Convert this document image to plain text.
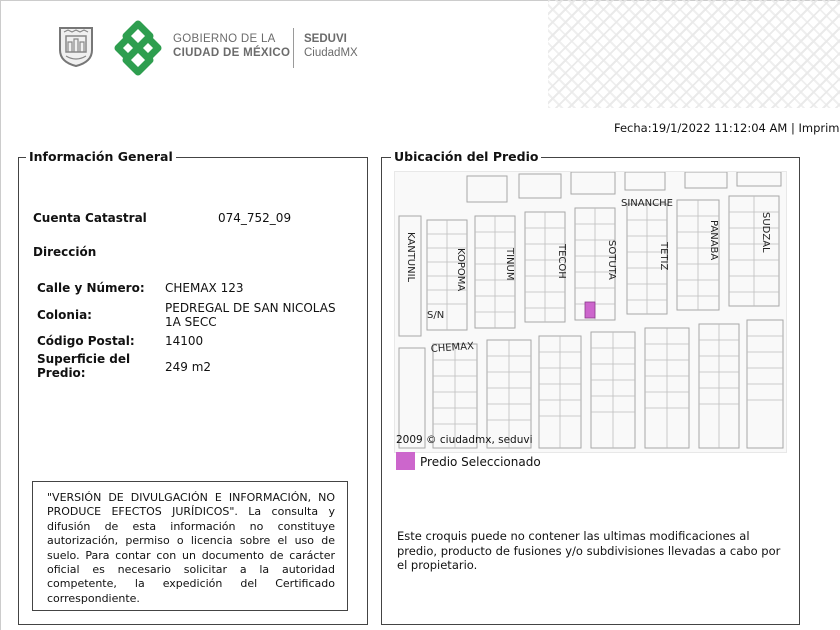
GOBIERNO DE LA
CIUDAD DE MÉXICO
SEDUVI
CiudadMX
Fecha:19/1/2022 11:12:04 AM | Imprim
Información General
Cuenta Catastral	074_752_09
Dirección
Calle y Número: CHEMAX 123
Colonia:	PEDREGAL DE SAN NICOLAS
1A SECC
Código Postal:	14100
Superficie del
Predio:	249 m2
"VERSIÓN DE DIVULGACIÓN E INFORMACIÓN, NO PRODUCE EFECTOS JURÍDICOS". La consulta y difusión de esta información no constituye autorización, permiso o licencia sobre el uso de suelo. Para contar con un documento de carácter oficial es necesario solicitar a la autoridad competente, la expedición del Certificado correspondiente.
Ubicación del Predio
SINANCHE
KANTUNIL	KOPOMA	TINUM	TECOH	SOTUTA	TETIZ	PANABA	SUDZAL
S/N
CHEMAX
2009 © ciudadmx, seduvi
Predio Seleccionado
Este croquis puede no contener las ultimas modificaciones al predio, producto de fusiones y/o subdivisiones llevadas a cabo por el propietario.
